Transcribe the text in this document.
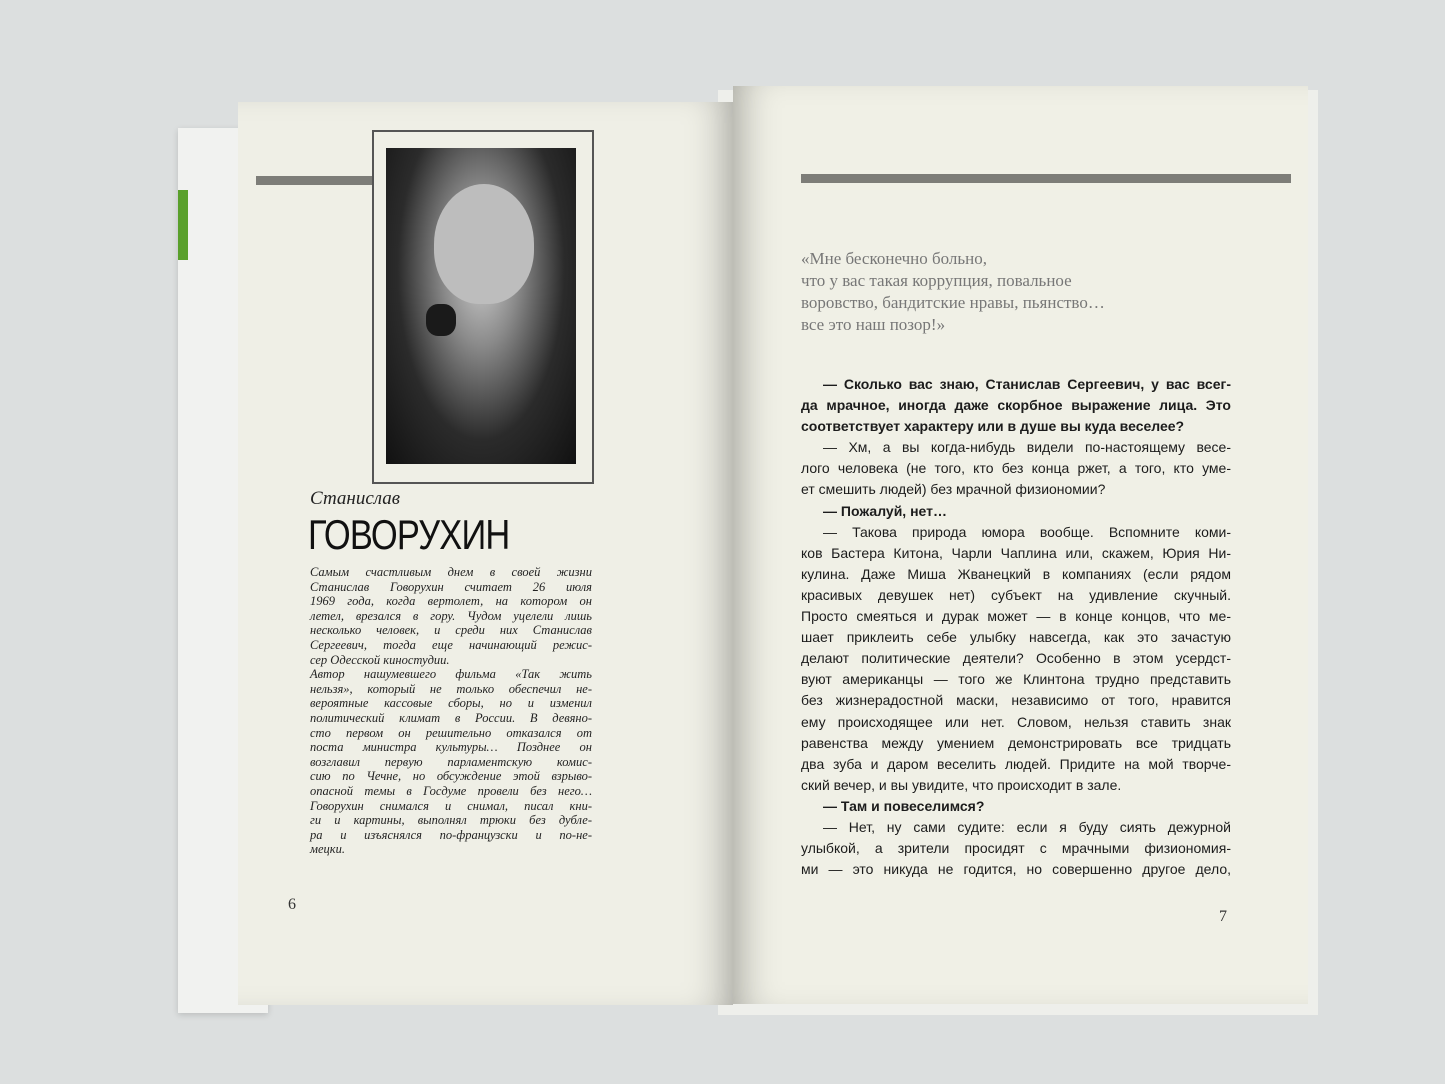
Станислав
ГОВОРУХИН
Самым счастливым днем в своей жизни
Станислав Говорухин считает 26 июля
1969 года, когда вертолет, на котором он
летел, врезался в гору. Чудом уцелели лишь
несколько человек, и среди них Станислав
Сергеевич, тогда еще начинающий режис-
сер Одесской киностудии.
Автор нашумевшего фильма «Так жить
нельзя», который не только обеспечил не-
вероятные кассовые сборы, но и изменил
политический климат в России. В девяно-
сто первом он решительно отказался от
поста министра культуры… Позднее он
возглавил первую парламентскую комис-
сию по Чечне, но обсуждение этой взрыво-
опасной темы в Госдуме провели без него…
Говорухин снимался и снимал, писал кни-
ги и картины, выполнял трюки без дубле-
ра и изъяснялся по-французски и по-не-
мецки.
6
«Мне бесконечно больно,
что у вас такая коррупция, повальное
воровство, бандитские нравы, пьянство…
все это наш позор!»
— Сколько вас знаю, Станислав Сергеевич, у вас всег-
да мрачное, иногда даже скорбное выражение лица. Это
соответствует характеру или в душе вы куда веселее?
— Хм, а вы когда-нибудь видели по-настоящему весе-
лого человека (не того, кто без конца ржет, а того, кто уме-
ет смешить людей) без мрачной физиономии?
— Пожалуй, нет…
— Такова природа юмора вообще. Вспомните коми-
ков Бастера Китона, Чарли Чаплина или, скажем, Юрия Ни-
кулина. Даже Миша Жванецкий в компаниях (если рядом
красивых девушек нет) субъект на удивление скучный.
Просто смеяться и дурак может — в конце концов, что ме-
шает приклеить себе улыбку навсегда, как это зачастую
делают политические деятели? Особенно в этом усердст-
вуют американцы — того же Клинтона трудно представить
без жизнерадостной маски, независимо от того, нравится
ему происходящее или нет. Словом, нельзя ставить знак
равенства между умением демонстрировать все тридцать
два зуба и даром веселить людей. Придите на мой творче-
ский вечер, и вы увидите, что происходит в зале.
— Там и повеселимся?
— Нет, ну сами судите: если я буду сиять дежурной
улыбкой, а зрители просидят с мрачными физиономия-
ми — это никуда не годится, но совершенно другое дело,
7
